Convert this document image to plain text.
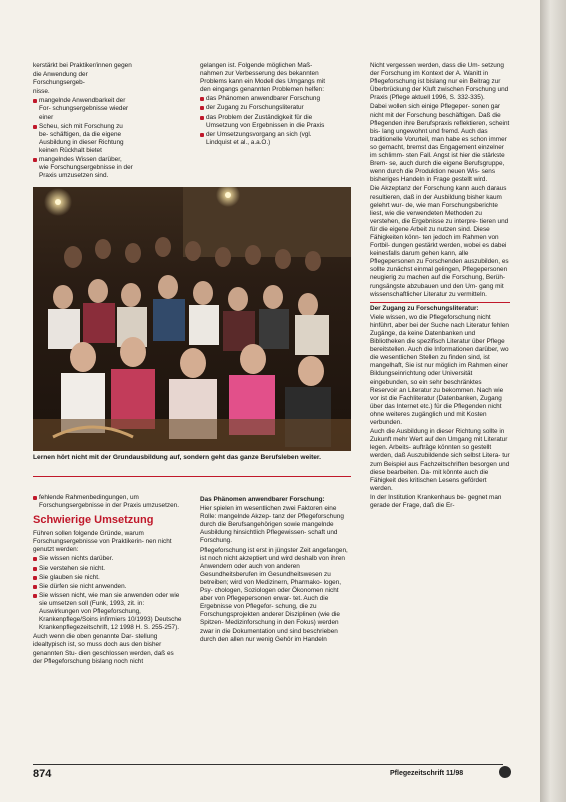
kerstärkt bei Praktiker/innen gegen

die Anwendung der Forschungsergeb-

nisse.

mangelnde Anwendbarkeit der For- schungsergebnisse wieder einer

Scheu, sich mit Forschung zu be- schäftigen, da die eigene Ausbildung in dieser Richtung keinen Rückhalt bietet

mangelndes Wissen darüber, wie Forschungsergebnisse in der Praxis umzusetzen sind.

gelangen ist. Folgende möglichen Maß- nahmen zur Verbesserung des bekannten Problems kann ein Modell des Umgangs mit den eingangs genannten Problemen helfen:

das Phänomen anwendbarer Forschung

der Zugang zu Forschungsliteratur

das Problem der Zuständigkeit für die Umsetzung von Ergebnissen in die Praxis

der Umsetzungsvorgang an sich (vgl. Lindquist et al., a.a.O.)

Lernen hört nicht mit der Grundausbildung auf, sondern geht das ganze Berufsleben weiter.

Nicht vergessen werden, dass die Um- setzung der Forschung im Kontext der A. Wanitt in Pflegeforschung ist bislang nur ein Beitrag zur Überbrückung der Kluft zwischen Forschung und Praxis (Pflege aktuell 1996, S. 332-335).

Dabei wollen sich einige Pflegeper- sonen gar nicht mit der Forschung beschäftigen. Daß die Pflegenden ihre Berufspraxis reflektieren, scheint bis- lang ungewohnt und fremd. Auch das traditionelle Vorurteil, man habe es schon immer so gemacht, bremst das Engagement einzelner im schlimm- sten Fall. Angst ist hier die stärkste Brem- se, auch durch die eigene Berufsgruppe, wenn durch die Produktion neuen Wis- sens bisheriges Handeln in Frage gestellt wird.

Die Akzeptanz der Forschung kann auch daraus resultieren, daß in der Ausbildung bisher kaum gelehrt wur- de, wie man Forschungsberichte liest, wie die verwendeten Methoden zu verstehen, die Ergebnisse zu interpre- tieren und für die eigene Arbeit zu nutzen sind. Diese Fähigkeiten könn- ten jedoch im Rahmen von Fortbil- dungen gestärkt werden, wobei es dabei keinesfalls darum gehen kann, alle Pflegepersonen zu Forschenden auszubilden, es sollte zunächst einmal gelingen, Pflegepersonen neugierig zu machen auf die Forschung, Berüh- rungsängste abzubauen und den Um- gang mit wissenschaftlicher Literatur zu vermitteln.

Der Zugang zu Forschungsliteratur:

Viele wissen, wo die Pflegeforschung nicht hinführt, aber bei der Suche nach Literatur fehlen Zugänge, da keine Datenbanken und Bibliotheken die spezifisch Literatur über Pflege bereitstellen. Auch die Informationen darüber, wo die wesentlichen Stellen zu finden sind, ist mangelhaft, Sie ist nur möglich im Rahmen einer Bildungseinrichtung oder Universität eingebunden, so ein sehr beschränktes Reservoir an Literatur zu bekommen. Nach wie vor ist die Fachliteratur (Datenbanken, Zugang über das Internet etc.) für die Pflegenden nicht ohne weiteres zugänglich und mit Kosten verbunden.

Auch die Ausbildung in dieser Richtung sollte in Zukunft mehr Wert auf den Umgang mit Literatur legen. Arbeits- aufträge könnten so gestellt werden, daß Auszubildende sich selbst Litera- tur zum Beispiel aus Fachzeitschriften besorgen und diese bearbeiten. Da- mit könnte auch die Fähigkeit des kritischen Lesens gefördert werden.

In der Institution Krankenhaus be- gegnet man gerade der Frage, daß die Er-

fehlende Rahmenbedingungen, um Forschungsergebnisse in der Praxis umzusetzen.

Schwierige Umsetzung

Führen sollen folgende Gründe, warum Forschungsergebnisse von Praktikerin- nen nicht genutzt werden:

Sie wissen nichts darüber.

Sie verstehen sie nicht.

Sie glauben sie nicht.

Sie dürfen sie nicht anwenden.

Sie wissen nicht, wie man sie anwenden oder wie sie umsetzen soll (Funk, 1993, zit. in: Auswirkungen von Pflegeforschung, Krankenpflege/Soins infirmiers 10/1993) Deutsche Krankenpflegezeitschrift, 12 1998 H. S. 255-257).

Auch wenn die oben genannte Dar- stellung idealtypisch ist, so muss doch aus den bisher genannten Stu- dien geschlossen werden, daß es der Pflegeforschung bislang noch nicht

Das Phänomen anwendbarer Forschung:

Hier spielen im wesentlichen zwei Faktoren eine Rolle: mangelnde Akzep- tanz der Pflegeforschung durch die Berufsangehörigen sowie mangelnde Ausbildung hinsichtlich Pflegewissen- schaft und Forschung.

Pflegeforschung ist erst in jüngster Zeit angefangen, ist noch nicht akzeptiert und wird deshalb von ihren Anwendern oder auch von anderen Gesundheitsberufen im Gesundheitswesen zu betreiben; wird von Medizinern, Pharmako- logen, Psy- chologen, Soziologen oder Ökonomen nicht aber von Pflegepersonen erwar- tet. Auch die Ergebnisse von Pflegefor- schung, die zu Forschungsprojekten anderer Disziplinen (wie die Spitzen- Medizinforschung in den Fokus) werden zwar in die Dokumentation und sind beschrieben durch den allen nur wenig Gehör im Handeln

874	Pflegezeitschrift 11/98
